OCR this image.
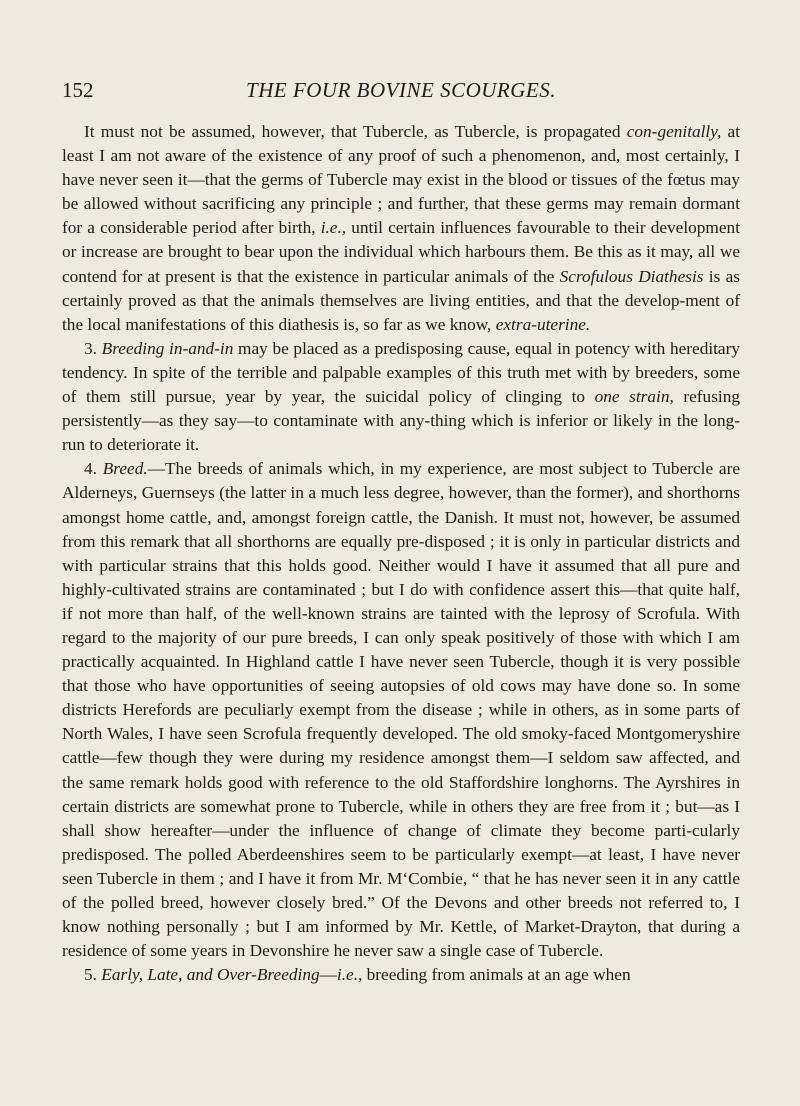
152	THE FOUR BOVINE SCOURGES.

It must not be assumed, however, that Tubercle, as Tubercle, is propagated con-genitally, at least I am not aware of the existence of any proof of such a phenomenon, and, most certainly, I have never seen it—that the germs of Tubercle may exist in the blood or tissues of the fœtus may be allowed without sacrificing any principle ; and further, that these germs may remain dormant for a considerable period after birth, i.e., until certain influences favourable to their development or increase are brought to bear upon the individual which harbours them. Be this as it may, all we contend for at present is that the existence in particular animals of the Scrofulous Diathesis is as certainly proved as that the animals themselves are living entities, and that the develop-ment of the local manifestations of this diathesis is, so far as we know, extra-uterine.

3. Breeding in-and-in may be placed as a predisposing cause, equal in potency with hereditary tendency. In spite of the terrible and palpable examples of this truth met with by breeders, some of them still pursue, year by year, the suicidal policy of clinging to one strain, refusing persistently—as they say—to contaminate with any-thing which is inferior or likely in the long-run to deteriorate it.

4. Breed.—The breeds of animals which, in my experience, are most subject to Tubercle are Alderneys, Guernseys (the latter in a much less degree, however, than the former), and shorthorns amongst home cattle, and, amongst foreign cattle, the Danish. It must not, however, be assumed from this remark that all shorthorns are equally pre-disposed ; it is only in particular districts and with particular strains that this holds good. Neither would I have it assumed that all pure and highly-cultivated strains are contaminated ; but I do with confidence assert this—that quite half, if not more than half, of the well-known strains are tainted with the leprosy of Scrofula. With regard to the majority of our pure breeds, I can only speak positively of those with which I am practically acquainted. In Highland cattle I have never seen Tubercle, though it is very possible that those who have opportunities of seeing autopsies of old cows may have done so. In some districts Herefords are peculiarly exempt from the disease ; while in others, as in some parts of North Wales, I have seen Scrofula frequently developed. The old smoky-faced Montgomeryshire cattle—few though they were during my residence amongst them—I seldom saw affected, and the same remark holds good with reference to the old Staffordshire longhorns. The Ayrshires in certain districts are somewhat prone to Tubercle, while in others they are free from it ; but—as I shall show hereafter—under the influence of change of climate they become parti-cularly predisposed. The polled Aberdeenshires seem to be particularly exempt—at least, I have never seen Tubercle in them ; and I have it from Mr. M‘Combie, “ that he has never seen it in any cattle of the polled breed, however closely bred.” Of the Devons and other breeds not referred to, I know nothing personally ; but I am informed by Mr. Kettle, of Market-Drayton, that during a residence of some years in Devonshire he never saw a single case of Tubercle.

5. Early, Late, and Over-Breeding—i.e., breeding from animals at an age when
